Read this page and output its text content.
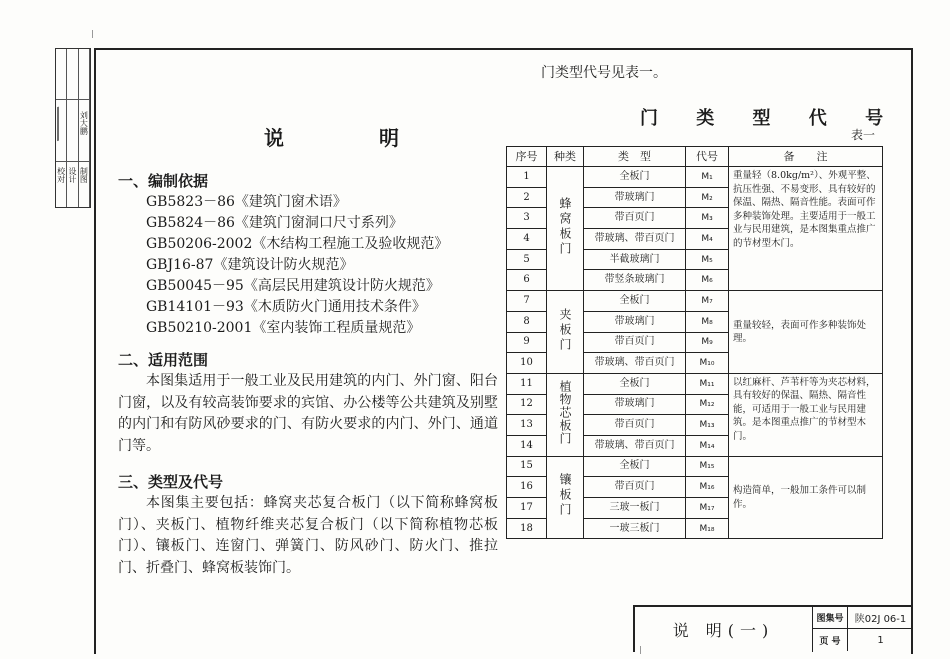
校对 设计
刘大鹏
制图
说 明
一、编制依据
GB5823－86《建筑门窗术语》
GB5824－86《建筑门窗洞口尺寸系列》
GB50206-2002《木结构工程施工及验收规范》
GBJ16-87《建筑设计防火规范》
GB50045－95《高层民用建筑设计防火规范》
GB14101－93《木质防火门通用技术条件》
GB50210-2001《室内装饰工程质量规范》
二、适用范围
本图集适用于一般工业及民用建筑的内门、外门窗、阳台门窗，以及有较高装饰要求的宾馆、办公楼等公共建筑及别墅的内门和有防风砂要求的门、有防火要求的内门、外门、通道门等。
三、类型及代号
本图集主要包括：蜂窝夹芯复合板门（以下简称蜂窝板门）、夹板门、植物纤维夹芯复合板门（以下简称植物芯板门）、镶板门、连窗门、弹簧门、防风砂门、防火门、推拉门、折叠门、蜂窝板装饰门。
门类型代号见表一。
门 类 型 代 号
表一
序号	种类	类　型	代号	备　　注
1	蜂窝板门	全板门	M₁	重量轻（8.0kg/m²）、外观平整、抗压性强、不易变形、具有较好的保温、隔热、隔音性能。表面可作多种装饰处理。主要适用于一般工业与民用建筑，是本图集重点推广的节材型木门。
2		带玻璃门	M₂	
3		带百页门	M₃	
4		带玻璃、带百页门	M₄	
5		半截玻璃门	M₅	
6		带竖条玻璃门	M₆	
7	夹板门	全板门	M₇	重量较轻，表面可作多种装饰处理。
8		带玻璃门	M₈	
9		带百页门	M₉	
10		带玻璃、带百页门	M₁₀	
11	植物芯板门	全板门	M₁₁	以红麻杆、芦苇杆等为夹芯材料，具有较好的保温、隔热、隔音性能，可适用于一般工业与民用建筑。是本图重点推广的节材型木门。
12		带玻璃门	M₁₂	
13		带百页门	M₁₃	
14		带玻璃、带百页门	M₁₄	
15	镶板门	全板门	M₁₅	构造简单，一般加工条件可以制作。
16		带百页门	M₁₆	
17		三玻一板门	M₁₇	
18		一玻三板门	M₁₈	
说 明(一)
图集号	陕02J 06-1
页 号	1
